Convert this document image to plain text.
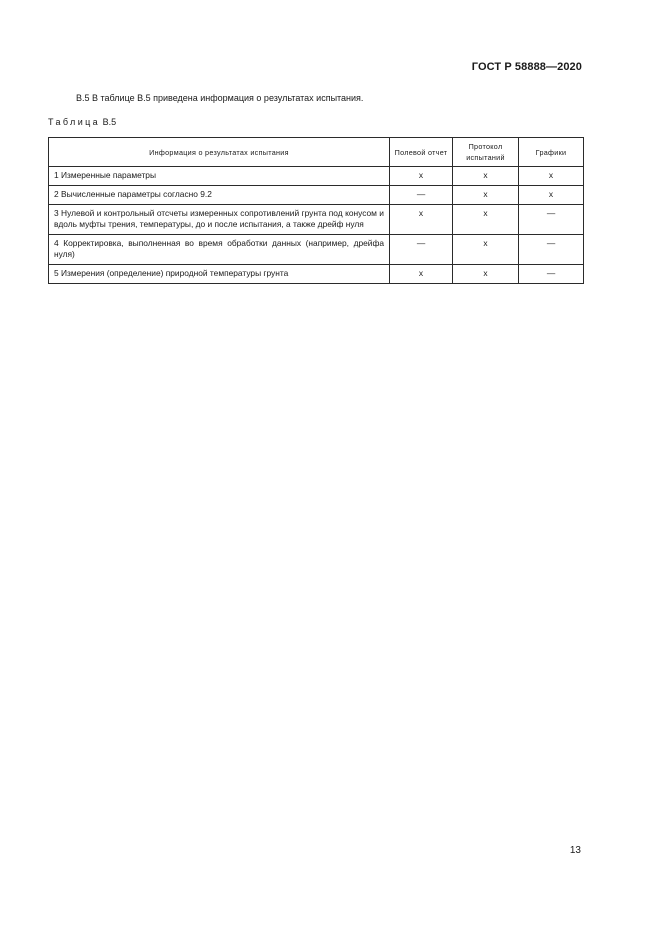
ГОСТ Р 58888—2020
В.5 В таблице В.5 приведена информация о результатах испытания.
Таблица В.5
Информация о результатах испытания	Полевой отчет	Протокол испытаний	Графики
1 Измеренные параметры	x	x	x
2 Вычисленные параметры согласно 9.2	—	x	x
3 Нулевой и контрольный отсчеты измеренных сопротивлений грунта под конусом и вдоль муфты трения, температуры, до и после испытания, а также дрейф нуля	x	x	—
4 Корректировка, выполненная во время обработки данных (например, дрейфа нуля)	—	x	—
5 Измерения (определение) природной температуры грунта	x	x	—
13
